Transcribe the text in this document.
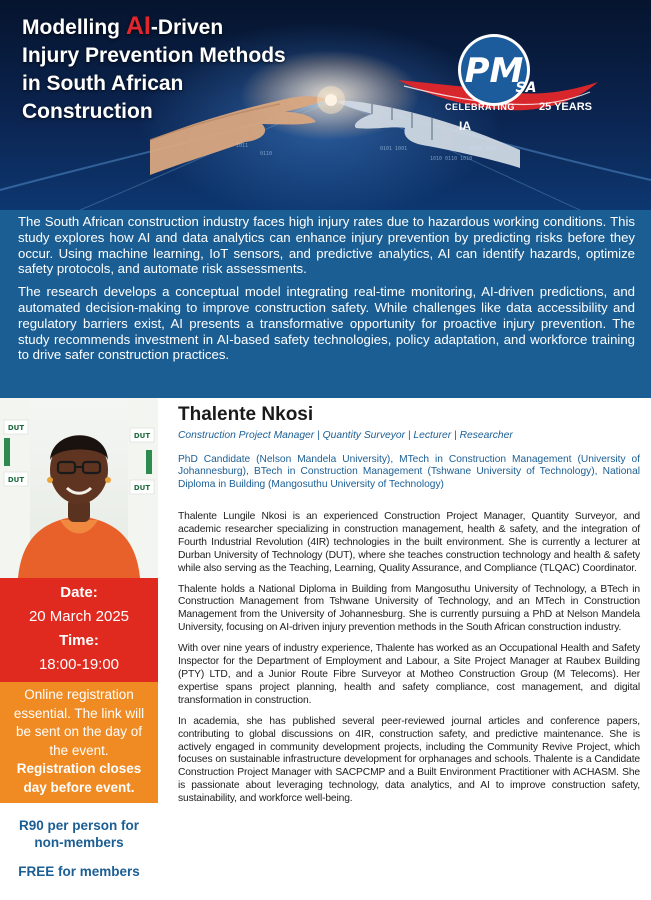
0101 1001
1010 0110 1010
0110
1011	0110 1101
Modelling AI-Driven
Injury Prevention Methods
in South African
Construction
PM
SA
CELEBRATING
IA
25 YEARS

The South African construction industry faces high injury rates due to hazardous working conditions. This study explores how AI and data analytics can enhance injury prevention by predicting risks before they occur. Using machine learning, IoT sensors, and predictive analytics, AI can identify hazards, optimize safety protocols, and automate risk assessments.

The research develops a conceptual model integrating real-time monitoring, AI-driven predictions, and automated decision-making to improve construction safety. While challenges like data accessibility and regulatory barriers exist, AI presents a transformative opportunity for proactive injury prevention. The study recommends investment in AI-based safety technologies, policy adaptation, and workforce training to drive safer construction practices.

DUT
DUT
DUT
DUT
Date:
20 March 2025
Time:
18:00-19:00
Online registration essential. The link will be sent on the day of the event.
Registration closes day before event.
R90 per person for non-members
FREE for members
Thalente Nkosi
Construction Project Manager | Quantity Surveyor | Lecturer | Researcher
PhD Candidate (Nelson Mandela University), MTech in Construction Management (University of Johannesburg), BTech in Construction Management (Tshwane University of Technology), National Diploma in Building (Mangosuthu University of Technology)

Thalente Lungile Nkosi is an experienced Construction Project Manager, Quantity Surveyor, and academic researcher specializing in construction management, health & safety, and the integration of Fourth Industrial Revolution (4IR) technologies in the built environment. She is currently a lecturer at Durban University of Technology (DUT), where she teaches construction technology and health & safety while also serving as the Teaching, Learning, Quality Assurance, and Compliance (TLQAC) Coordinator.

Thalente holds a National Diploma in Building from Mangosuthu University of Technology, a BTech in Construction Management from Tshwane University of Technology, and an MTech in Construction Management from the University of Johannesburg. She is currently pursuing a PhD at Nelson Mandela University, focusing on AI-driven injury prevention methods in the South African construction industry.

With over nine years of industry experience, Thalente has worked as an Occupational Health and Safety Inspector for the Department of Employment and Labour, a Site Project Manager at Raubex Building (PTY) LTD, and a Junior Route Fibre Surveyor at Motheo Construction Group (M Telecoms). Her expertise spans project planning, health and safety compliance, cost management, and digital transformation in construction.

In academia, she has published several peer-reviewed journal articles and conference papers, contributing to global discussions on 4IR, construction safety, and predictive maintenance. She is actively engaged in community development projects, including the Community Revive Project, which focuses on sustainable infrastructure development for orphanages and schools. Thalente is a Candidate Construction Project Manager with SACPCMP and a Built Environment Practitioner with ACHASM. She is passionate about leveraging technology, data analytics, and AI to improve construction safety, sustainability, and workforce well-being.
